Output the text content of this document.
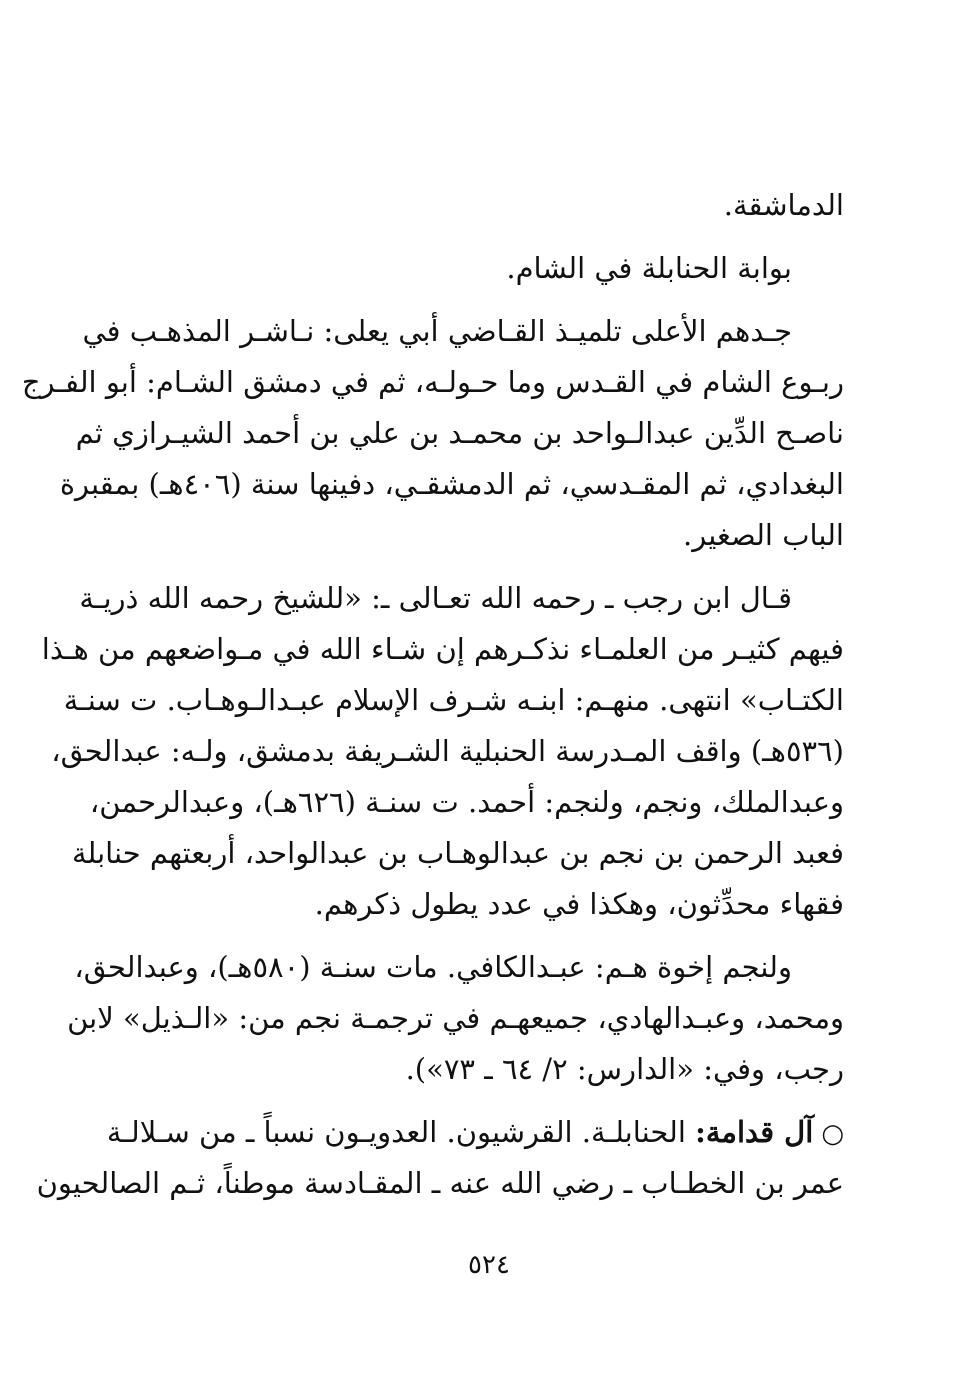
الدماشقة.
بوابة الحنابلة في الشام.
جـدهم الأعلى تلميـذ القـاضي أبي يعلى: نـاشـر المذهـب في
ربـوع الشام في القـدس وما حـولـه، ثم في دمشق الشـام: أبو الفـرج
ناصـح الدِّين عبدالـواحد بن محمـد بن علي بن أحمد الشيـرازي ثم
البغدادي، ثم المقـدسي، ثم الدمشقـي، دفينها سنة (٤٠٦هـ) بمقبرة
الباب الصغير.
قـال ابن رجب ـ رحمه الله تعـالى ـ: «للشيخ رحمه الله ذريـة
فيهم كثيـر من العلمـاء نذكـرهم إن شـاء الله في مـواضعهم من هـذا
الكتـاب» انتهى. منهـم: ابنـه شـرف الإسلام عبـدالـوهـاب. ت سنـة
(٥٣٦هـ) واقف المـدرسة الحنبلية الشـريفة بدمشق، ولـه: عبدالحق،
وعبدالملك، ونجم، ولنجم: أحمد. ت سنـة (٦٢٦هـ)، وعبدالرحمن،
فعبد الرحمن بن نجم بن عبدالوهـاب بن عبدالواحد، أربعتهم حنابلة
فقهاء محدِّثون، وهكذا في عدد يطول ذكرهم.
ولنجم إخوة هـم: عبـدالكافي. مات سنـة (٥٨٠هـ)، وعبدالحق،
ومحمد، وعبـدالهادي، جميعهـم في ترجمـة نجم من: «الـذيل» لابن
رجب، وفي: «الدارس: ٢/ ٦٤ ـ ٧٣»).
○آل قدامة: الحنابلـة. القرشيون. العدويـون نسباً ـ من سـلالـة
عمر بن الخطـاب ـ رضي الله عنه ـ المقـادسة موطناً، ثـم الصالحيون
٥٢٤
